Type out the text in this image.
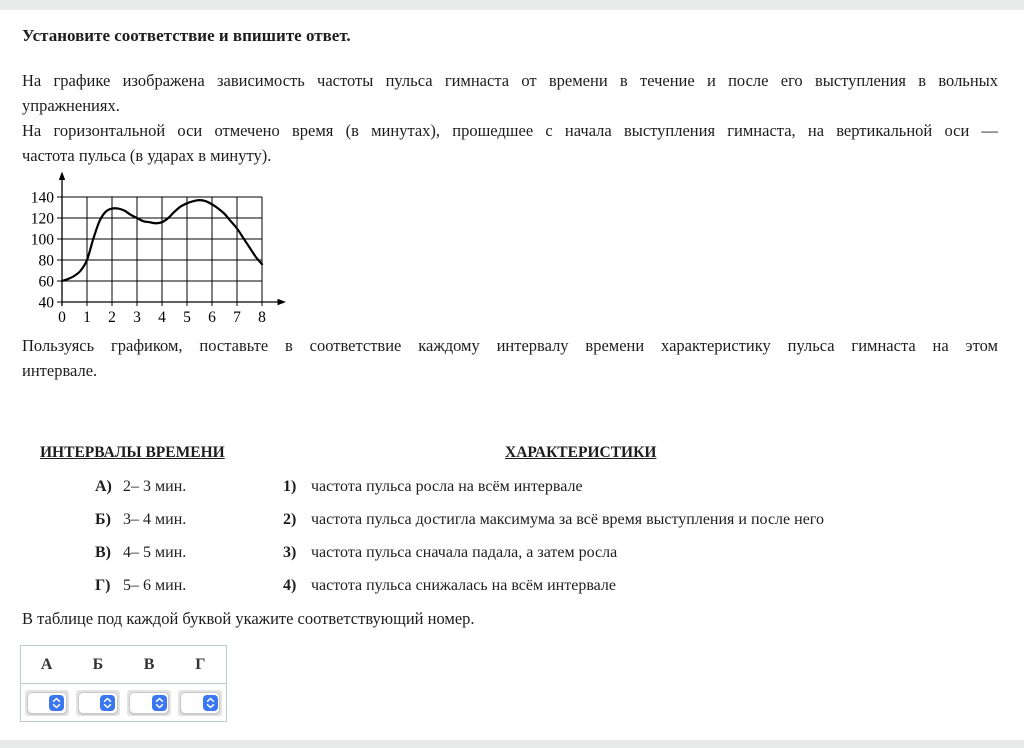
Установите соответствие и впишите ответ.
На графике изображена зависимость частоты пульса гимнаста от времени в течение и после его выступления в вольных
упражнениях.
На горизонтальной оси отмечено время (в минутах), прошедшее с начала выступления гимнаста, на вертикальной оси —
частота пульса (в ударах в минуту).
40
60
80
100
120
140
0 1 2 3 4 5 6 7 8
Пользуясь графиком, поставьте в соответствие каждому интервалу времени характеристику пульса гимнаста на этом
интервале.
ИНТЕРВАЛЫ ВРЕМЕНИ	ХАРАКТЕРИСТИКИ
А) 2– 3 мин.	1) частота пульса росла на всём интервале
Б) 3– 4 мин.	2) частота пульса достигла максимума за всё время выступления и после него
В) 4– 5 мин.	3) частота пульса сначала падала, а затем росла
Г) 5– 6 мин.	4) частота пульса снижалась на всём интервале
В таблице под каждой буквой укажите соответствующий номер.
А	Б	В	Г
